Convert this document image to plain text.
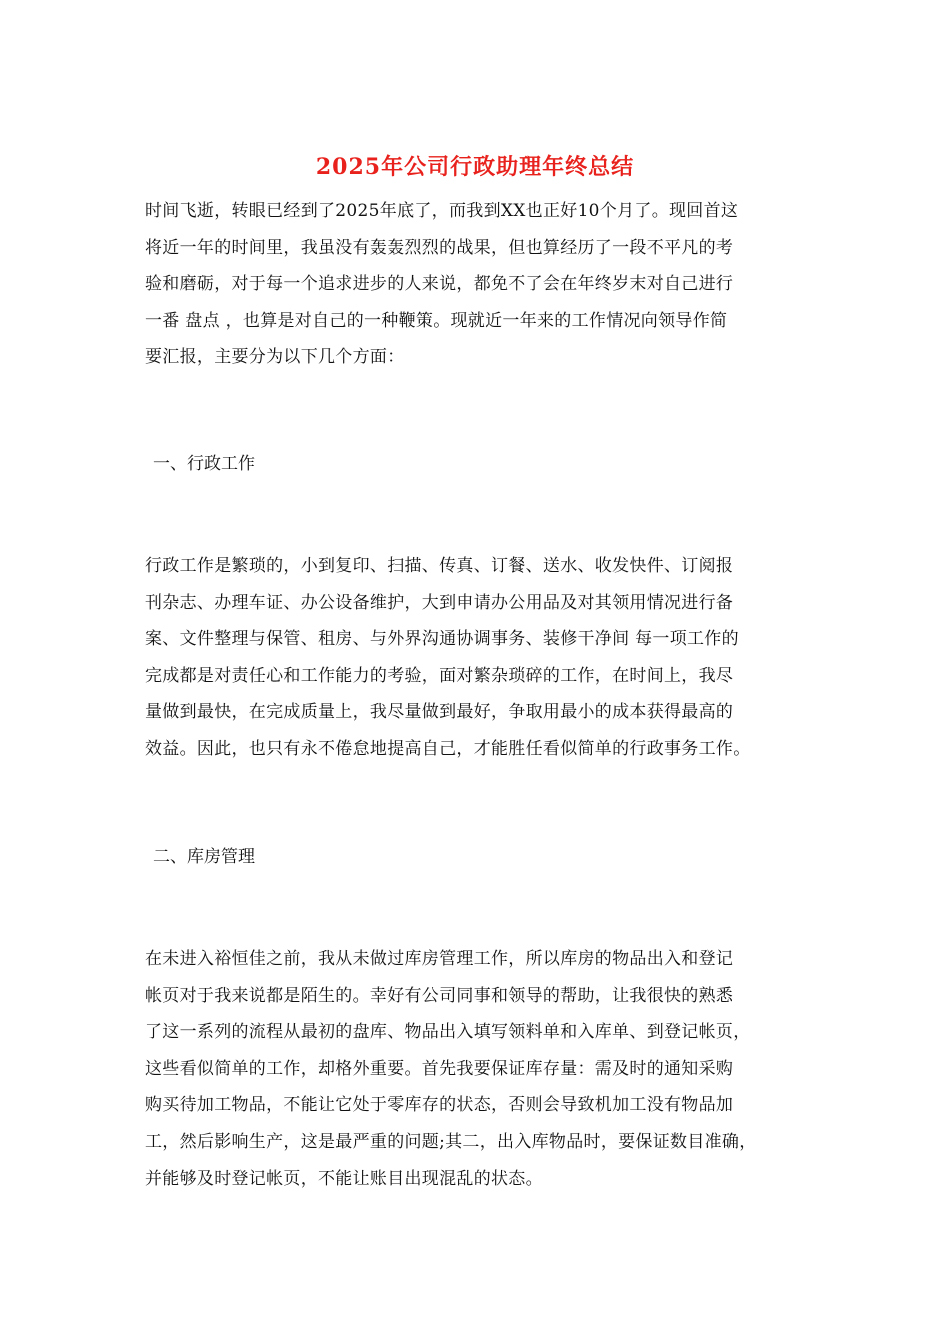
2025年公司行政助理年终总结
时间飞逝，转眼已经到了2025年底了，而我到XX也正好10个月了。现回首这
将近一年的时间里，我虽没有轰轰烈烈的战果，但也算经历了一段不平凡的考
验和磨砺，对于每一个追求进步的人来说，都免不了会在年终岁末对自己进行
一番 盘点 ，也算是对自己的一种鞭策。现就近一年来的工作情况向领导作简
要汇报，主要分为以下几个方面：
一、行政工作
行政工作是繁琐的，小到复印、扫描、传真、订餐、送水、收发快件、订阅报
刊杂志、办理车证、办公设备维护，大到申请办公用品及对其领用情况进行备
案、文件整理与保管、租房、与外界沟通协调事务、装修干净间 每一项工作的
完成都是对责任心和工作能力的考验，面对繁杂琐碎的工作，在时间上，我尽
量做到最快，在完成质量上，我尽量做到最好，争取用最小的成本获得最高的
效益。因此，也只有永不倦怠地提高自己，才能胜任看似简单的行政事务工作。
二、库房管理
在未进入裕恒佳之前，我从未做过库房管理工作，所以库房的物品出入和登记
帐页对于我来说都是陌生的。幸好有公司同事和领导的帮助，让我很快的熟悉
了这一系列的流程从最初的盘库、物品出入填写领料单和入库单、到登记帐页，
这些看似简单的工作，却格外重要。首先我要保证库存量：需及时的通知采购
购买待加工物品，不能让它处于零库存的状态，否则会导致机加工没有物品加
工，然后影响生产，这是最严重的问题;其二，出入库物品时，要保证数目准确，
并能够及时登记帐页，不能让账目出现混乱的状态。
